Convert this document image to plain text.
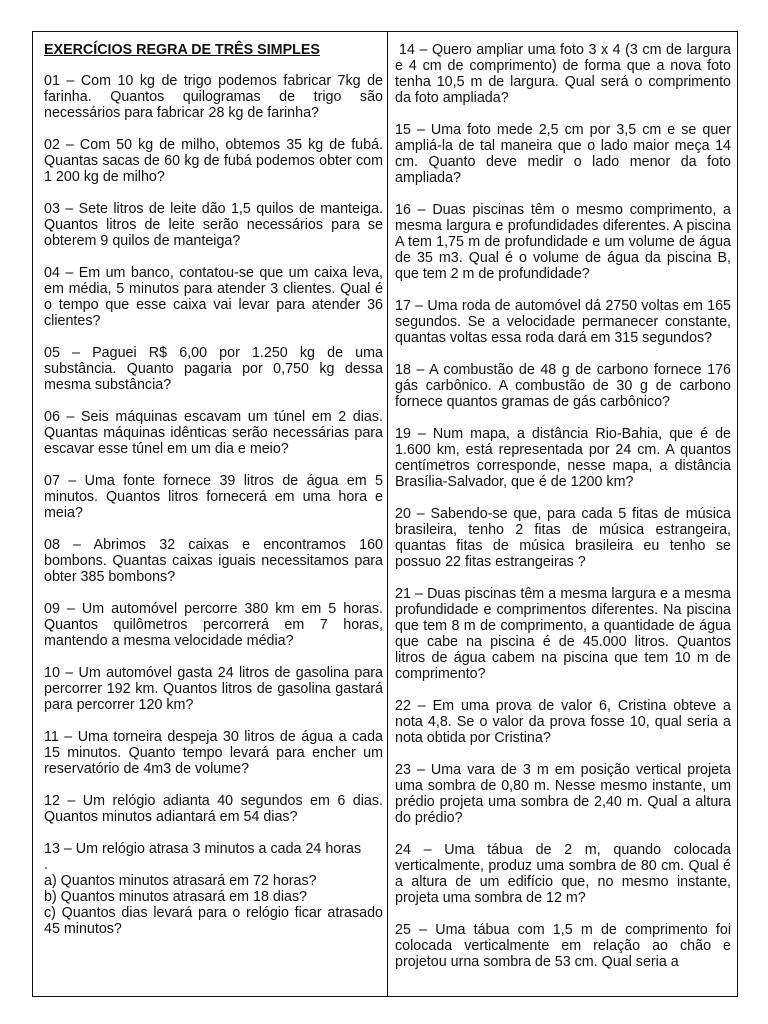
EXERCÍCIOS REGRA DE TRÊS SIMPLES

01 – Com 10 kg de trigo podemos fabricar 7kg de farinha. Quantos quilogramas de trigo são necessários para fabricar 28 kg de farinha?

02 – Com 50 kg de milho, obtemos 35 kg de fubá. Quantas sacas de 60 kg de fubá podemos obter com 1 200 kg de milho?

03 – Sete litros de leite dão 1,5 quilos de manteiga. Quantos litros de leite serão necessários para se obterem 9 quilos de manteiga?

04 – Em um banco, contatou-se que um caixa leva, em média, 5 minutos para atender 3 clientes. Qual é o tempo que esse caixa vai levar para atender 36 clientes?

05 – Paguei R$ 6,00 por 1.250 kg de uma substância. Quanto pagaria por 0,750 kg dessa mesma substância?

06 – Seis máquinas escavam um túnel em 2 dias. Quantas máquinas idênticas serão necessárias para escavar esse túnel em um dia e meio?

07 – Uma fonte fornece 39 litros de água em 5 minutos. Quantos litros fornecerá em uma hora e meia?

08 – Abrimos 32 caixas e encontramos 160 bombons. Quantas caixas iguais necessitamos para obter 385 bombons?

09 – Um automóvel percorre 380 km em 5 horas. Quantos quilômetros percorrerá em 7 horas, mantendo a mesma velocidade média?

10 – Um automóvel gasta 24 litros de gasolina para percorrer 192 km. Quantos litros de gasolina gastará para percorrer 120 km?

11 – Uma torneira despeja 30 litros de água a cada 15 minutos. Quanto tempo levará para encher um reservatório de 4m3 de volume?

12 – Um relógio adianta 40 segundos em 6 dias. Quantos minutos adiantará em 54 dias?

13 – Um relógio atrasa 3 minutos a cada 24 horas
.
a) Quantos minutos atrasará em 72 horas?
b) Quantos minutos atrasará em 18 dias?
c) Quantos dias levará para o relógio ficar atrasado 45 minutos?

14 – Quero ampliar uma foto 3 x 4 (3 cm de largura e 4 cm de comprimento) de forma que a nova foto tenha 10,5 m de largura. Qual será o comprimento da foto ampliada?

15 – Uma foto mede 2,5 cm por 3,5 cm e se quer ampliá-la de tal maneira que o lado maior meça 14 cm. Quanto deve medir o lado menor da foto ampliada?

16 – Duas piscinas têm o mesmo comprimento, a mesma largura e profundidades diferentes. A piscina A tem 1,75 m de profundidade e um volume de água de 35 m3. Qual é o volume de água da piscina B, que tem 2 m de profundidade?

17 – Uma roda de automóvel dá 2750 voltas em 165 segundos. Se a velocidade permanecer constante, quantas voltas essa roda dará em 315 segundos?

18 – A combustão de 48 g de carbono fornece 176 gás carbônico. A combustão de 30 g de carbono fornece quantos gramas de gás carbônico?

19 – Num mapa, a distância Rio-Bahia, que é de 1.600 km, está representada por 24 cm. A quantos centímetros corresponde, nesse mapa, a distância Brasília-Salvador, que é de 1200 km?

20 – Sabendo-se que, para cada 5 fitas de música brasileira, tenho 2 fitas de música estrangeira, quantas fitas de música brasileira eu tenho se possuo 22 fitas estrangeiras ?

21 – Duas piscinas têm a mesma largura e a mesma profundidade e comprimentos diferentes. Na piscina que tem 8 m de comprimento, a quantidade de água que cabe na piscina é de 45.000 litros. Quantos litros de água cabem na piscina que tem 10 m de comprimento?

22 – Em uma prova de valor 6, Cristina obteve a nota 4,8. Se o valor da prova fosse 10, qual seria a nota obtida por Cristina?

23 – Uma vara de 3 m em posição vertical projeta uma sombra de 0,80 m. Nesse mesmo instante, um prédio projeta uma sombra de 2,40 m. Qual a altura do prédio?

24 – Uma tábua de 2 m, quando colocada verticalmente, produz uma sombra de 80 cm. Qual é a altura de um edifício que, no mesmo instante, projeta uma sombra de 12 m?

25 – Uma tábua com 1,5 m de comprimento foi colocada verticalmente em relação ao chão e projetou urna sombra de 53 cm. Qual seria a
